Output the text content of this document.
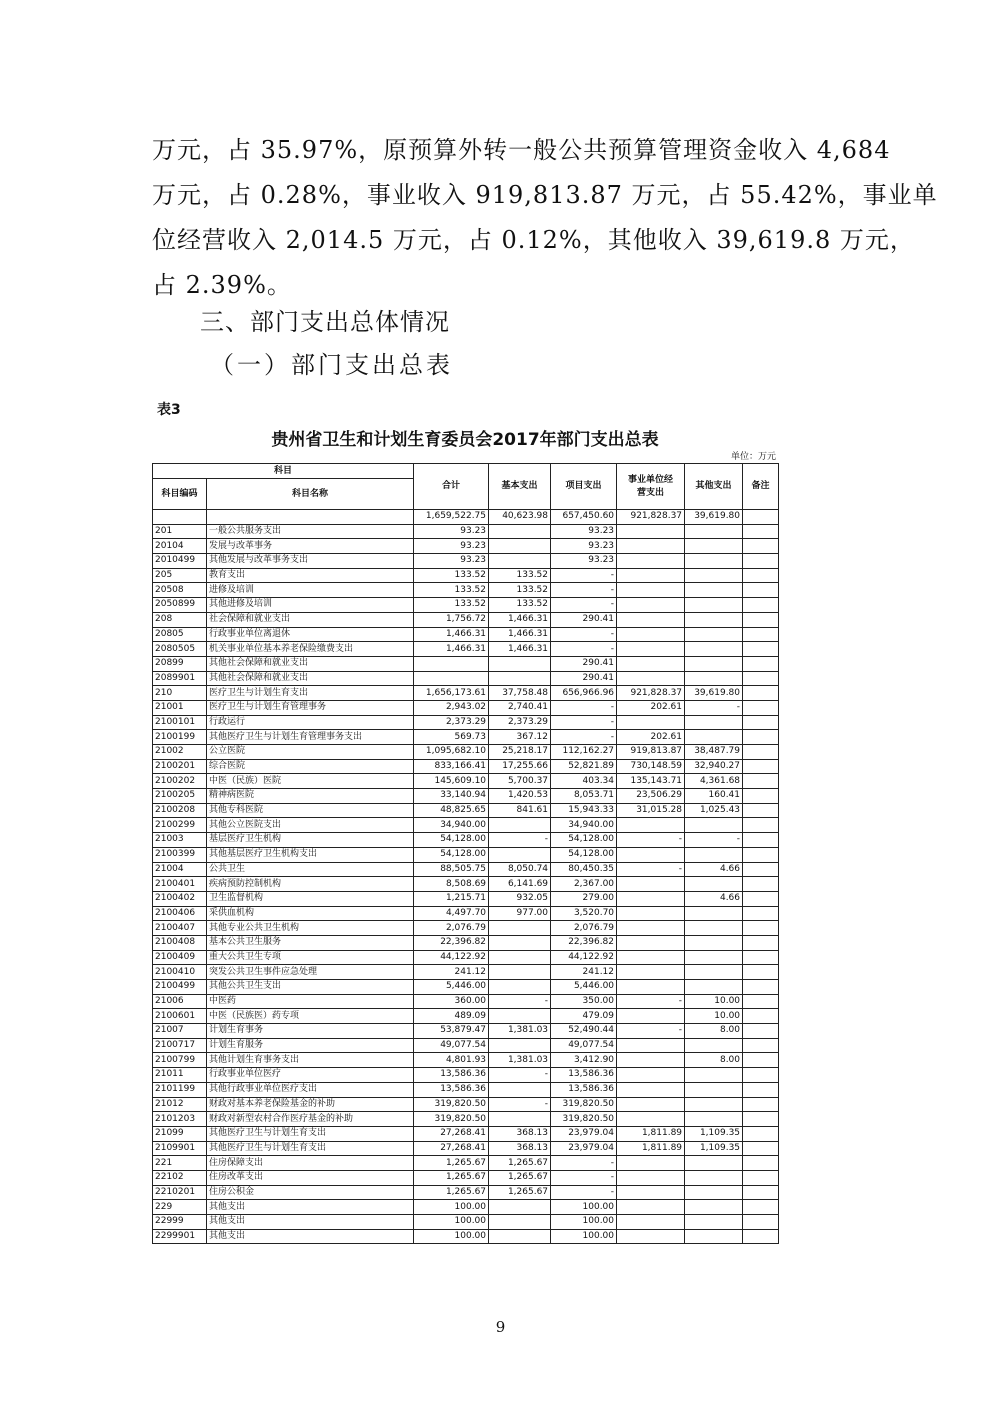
万元，占 35.97%，原预算外转一般公共预算管理资金收入 4,684
万元，占 0.28%，事业收入 919,813.87 万元，占 55.42%，事业单
位经营收入 2,014.5 万元，占 0.12%，其他收入 39,619.8 万元，
占 2.39%。
三、部门支出总体情况
（一）部门支出总表
表3
贵州省卫生和计划生育委员会2017年部门支出总表
单位：万元
科目		合计	基本支出	项目支出	事业单位经
营支出	其他支出	备注
科目编码	科目名称						
		1,659,522.75	40,623.98	657,450.60	921,828.37	39,619.80	
201	一般公共服务支出	93.23		93.23			
20104	发展与改革事务	93.23		93.23			
2010499	其他发展与改革事务支出	93.23		93.23			
205	教育支出	133.52	133.52	-			
20508	进修及培训	133.52	133.52	-			
2050899	其他进修及培训	133.52	133.52	-			
208	社会保障和就业支出	1,756.72	1,466.31	290.41			
20805	行政事业单位离退休	1,466.31	1,466.31	-			
2080505	机关事业单位基本养老保险缴费支出	1,466.31	1,466.31	-			
20899	其他社会保障和就业支出			290.41			
2089901	其他社会保障和就业支出			290.41			
210	医疗卫生与计划生育支出	1,656,173.61	37,758.48	656,966.96	921,828.37	39,619.80	
21001	医疗卫生与计划生育管理事务	2,943.02	2,740.41	-	202.61	-	
2100101	行政运行	2,373.29	2,373.29	-			
2100199	其他医疗卫生与计划生育管理事务支出	569.73	367.12	-	202.61		
21002	公立医院	1,095,682.10	25,218.17	112,162.27	919,813.87	38,487.79	
2100201	综合医院	833,166.41	17,255.66	52,821.89	730,148.59	32,940.27	
2100202	中医（民族）医院	145,609.10	5,700.37	403.34	135,143.71	4,361.68	
2100205	精神病医院	33,140.94	1,420.53	8,053.71	23,506.29	160.41	
2100208	其他专科医院	48,825.65	841.61	15,943.33	31,015.28	1,025.43	
2100299	其他公立医院支出	34,940.00		34,940.00			
21003	基层医疗卫生机构	54,128.00	-	54,128.00	-	-	
2100399	其他基层医疗卫生机构支出	54,128.00		54,128.00			
21004	公共卫生	88,505.75	8,050.74	80,450.35	-	4.66	
2100401	疾病预防控制机构	8,508.69	6,141.69	2,367.00			
2100402	卫生监督机构	1,215.71	932.05	279.00		4.66	
2100406	采供血机构	4,497.70	977.00	3,520.70			
2100407	其他专业公共卫生机构	2,076.79		2,076.79			
2100408	基本公共卫生服务	22,396.82		22,396.82			
2100409	重大公共卫生专项	44,122.92		44,122.92			
2100410	突发公共卫生事件应急处理	241.12		241.12			
2100499	其他公共卫生支出	5,446.00		5,446.00			
21006	中医药	360.00	-	350.00	-	10.00	
2100601	中医（民族医）药专项	489.09		479.09		10.00	
21007	计划生育事务	53,879.47	1,381.03	52,490.44	-	8.00	
2100717	计划生育服务	49,077.54		49,077.54			
2100799	其他计划生育事务支出	4,801.93	1,381.03	3,412.90		8.00	
21011	行政事业单位医疗	13,586.36	-	13,586.36			
2101199	其他行政事业单位医疗支出	13,586.36		13,586.36			
21012	财政对基本养老保险基金的补助	319,820.50	-	319,820.50			
2101203	财政对新型农村合作医疗基金的补助	319,820.50		319,820.50			
21099	其他医疗卫生与计划生育支出	27,268.41	368.13	23,979.04	1,811.89	1,109.35	
2109901	其他医疗卫生与计划生育支出	27,268.41	368.13	23,979.04	1,811.89	1,109.35	
221	住房保障支出	1,265.67	1,265.67	-			
22102	住房改革支出	1,265.67	1,265.67	-			
2210201	住房公积金	1,265.67	1,265.67	-			
229	其他支出	100.00		100.00			
22999	其他支出	100.00		100.00			
2299901	其他支出	100.00		100.00			
9
